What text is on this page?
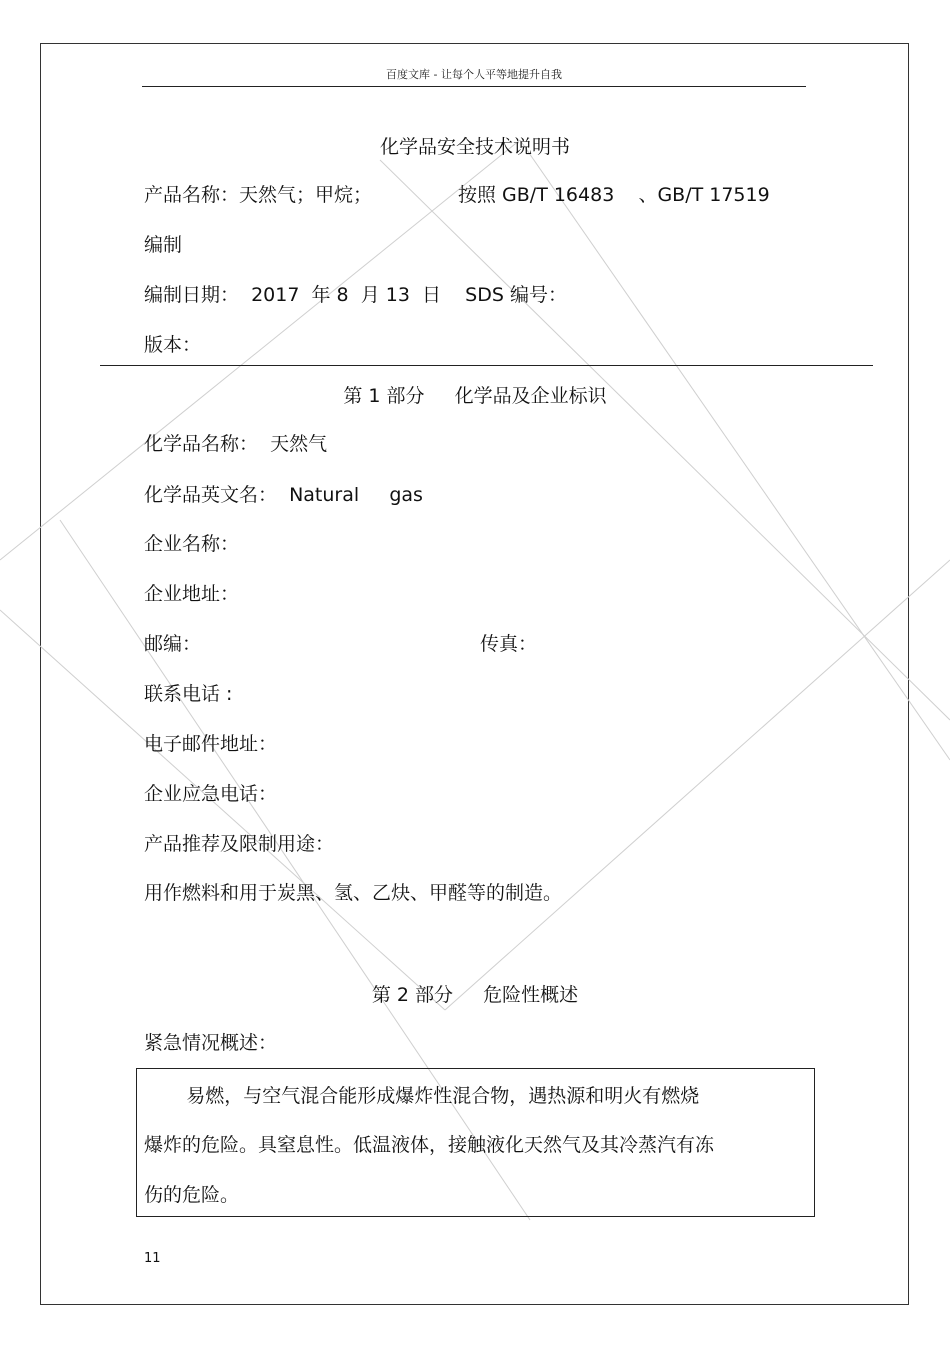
百度文库 - 让每个人平等地提升自我
化学品安全技术说明书
产品名称：天然气；甲烷；	按照 GB/T 16483    、GB/T 17519
编制
编制日期：  2017  年 8  月 13  日    SDS 编号：
版本：
第 1 部分     化学品及企业标识
化学品名称：  天然气
化学品英文名：  Natural     gas
企业名称：
企业地址：
邮编：	传真：
联系电话 :
电子邮件地址：
企业应急电话：
产品推荐及限制用途：
用作燃料和用于炭黑、氢、乙炔、甲醛等的制造。
第 2 部分     危险性概述
紧急情况概述：
易燃，与空气混合能形成爆炸性混合物，遇热源和明火有燃烧
爆炸的危险。具窒息性。低温液体，接触液化天然气及其冷蒸汽有冻
伤的危险。
11
